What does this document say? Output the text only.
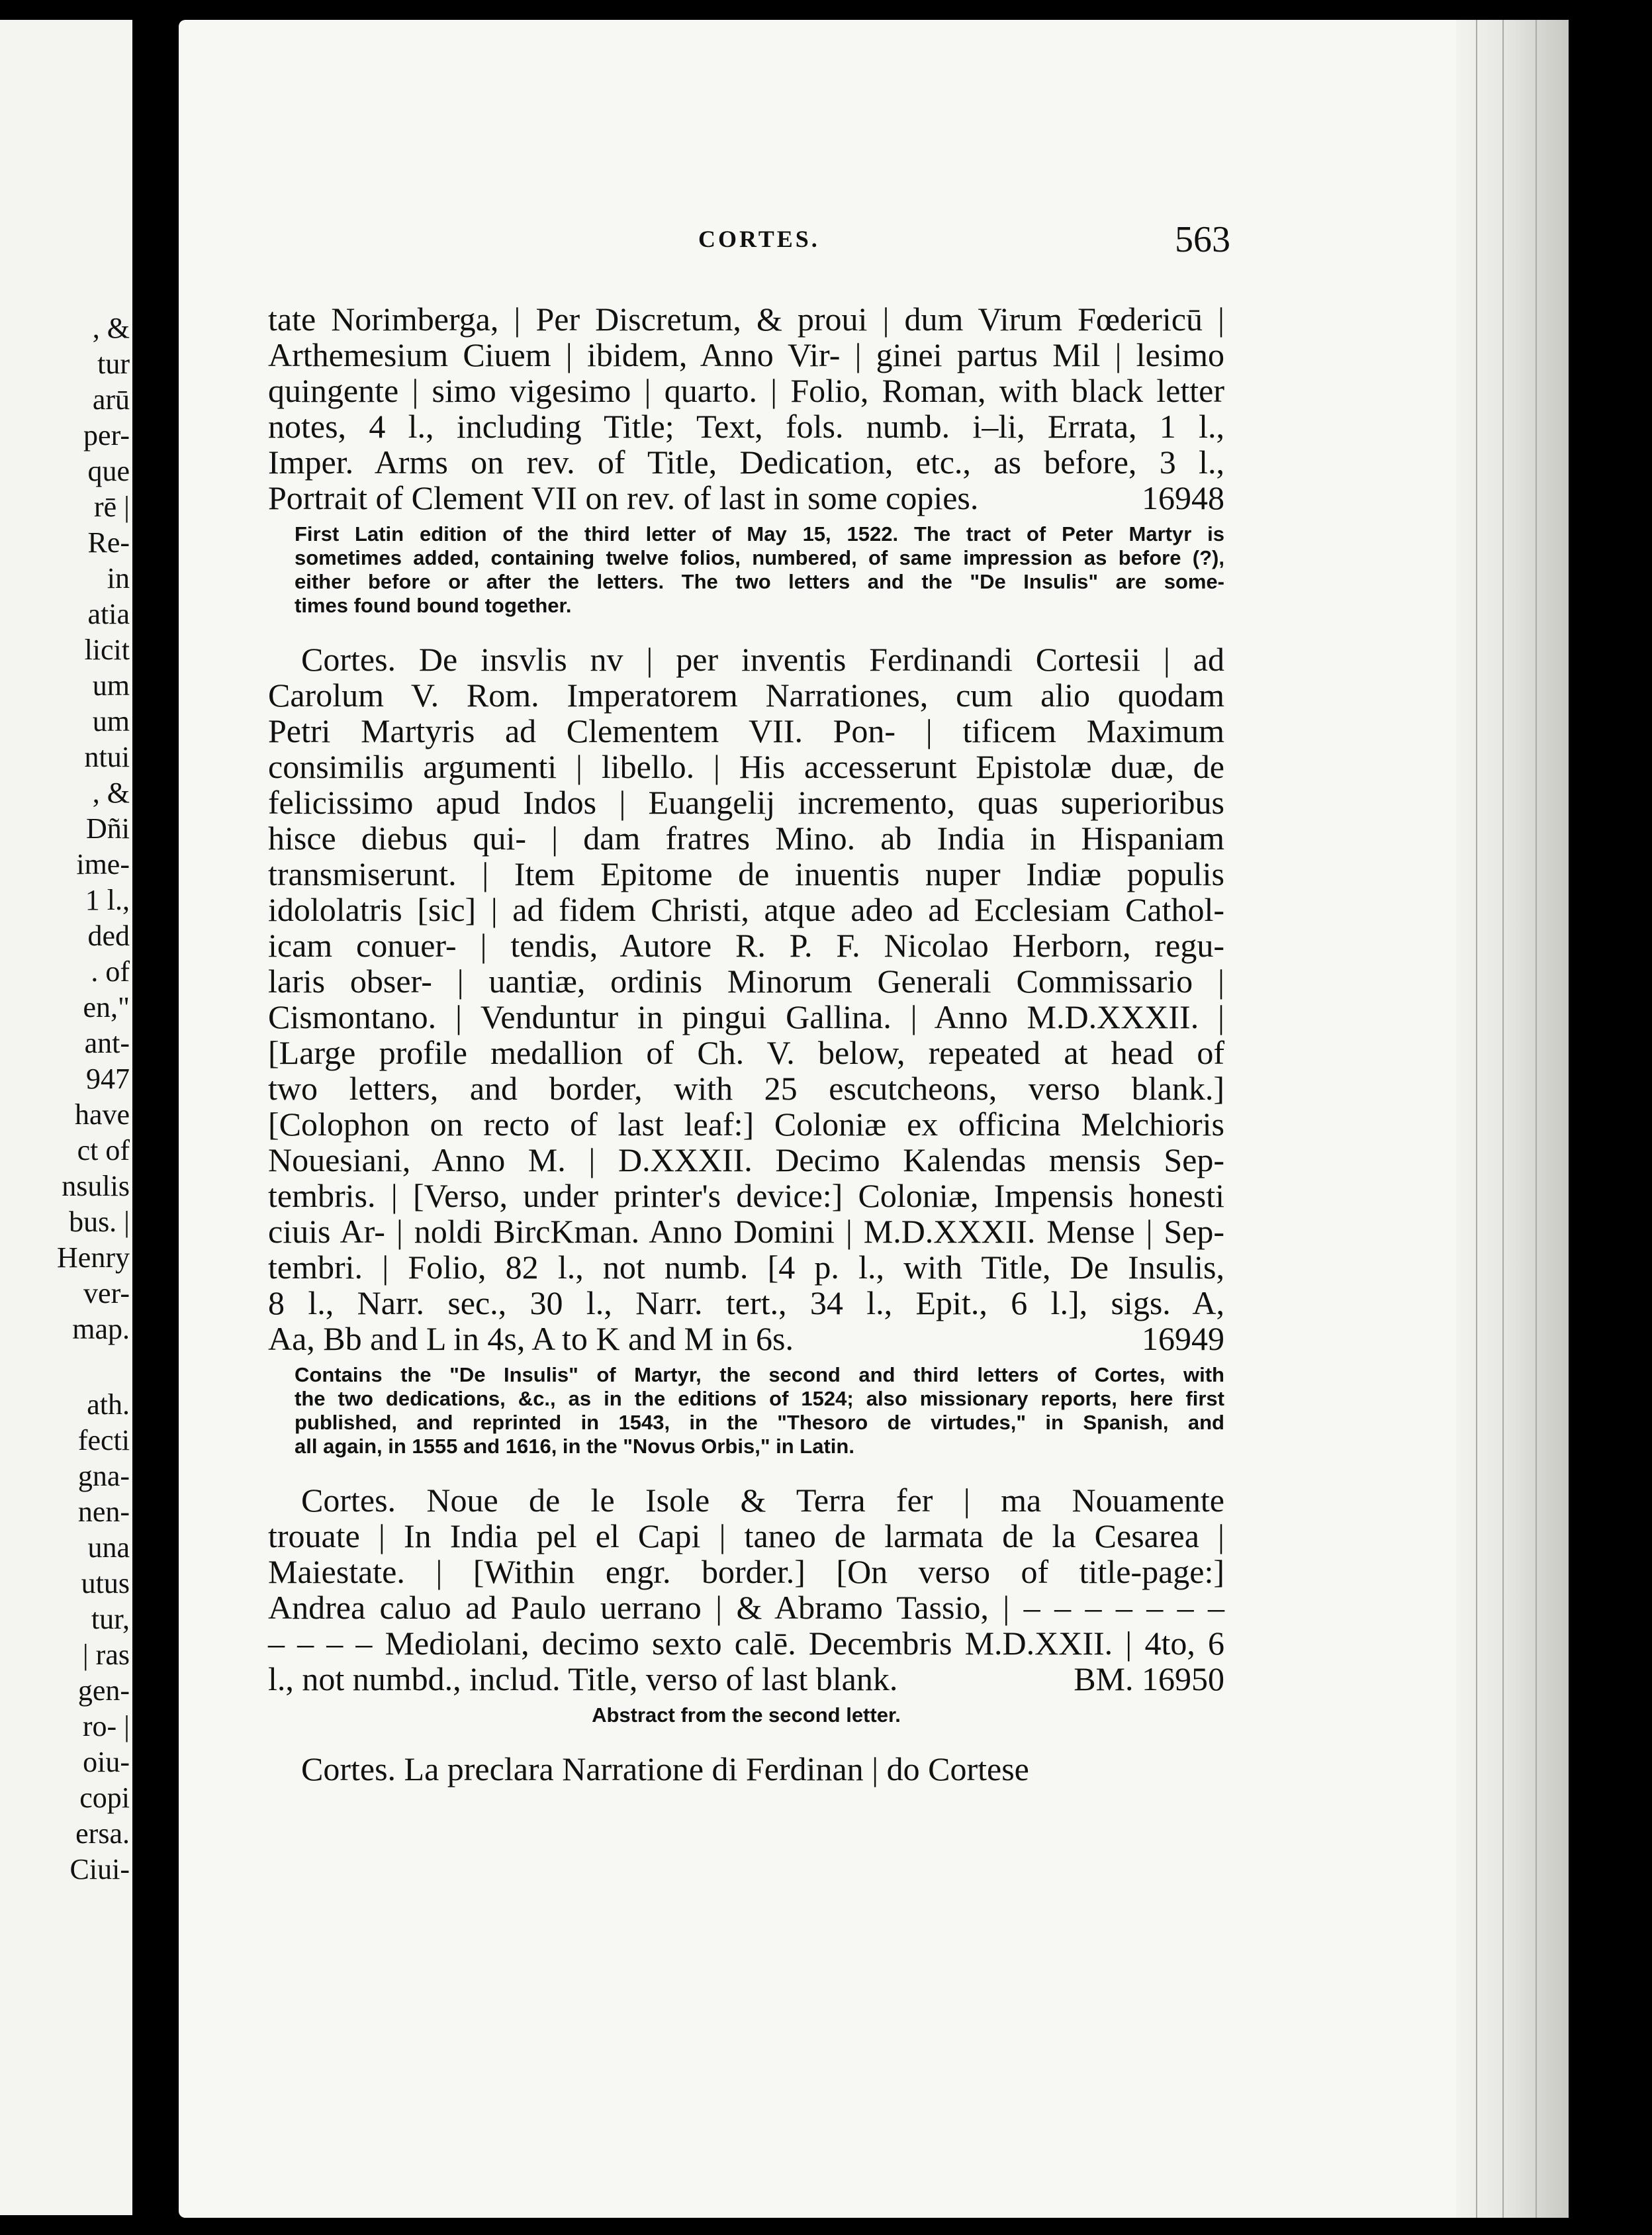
, &
tur
arū
per-
que
rē |
Re-
in
atia
licit
um
um
ntui
, &
Dñi
ime-
1 l.,
ded
. of
en,"
ant-
947
have
ct of
nsulis
bus. |
Henry
ver-
map.
ath.
fecti
gna-
nen-
una
utus
tur,
| ras
gen-
ro- |
oiu-
copi
ersa.
Ciui-
CORTES.	563
tate Norimberga, | Per Discretum, & proui | dum Virum Fœdericū |
Arthemesium Ciuem | ibidem, Anno Vir- | ginei partus Mil | lesimo
quingente | simo vigesimo | quarto. | Folio, Roman, with black letter
notes, 4 l., including Title; Text, fols. numb. i–li, Errata, 1 l.,
Imper. Arms on rev. of Title, Dedication, etc., as before, 3 l.,
Portrait of Clement VII on rev. of last in some copies.	16948
First Latin edition of the third letter of May 15, 1522. The tract of Peter Martyr is
sometimes added, containing twelve folios, numbered, of same impression as before (?),
either before or after the letters. The two letters and the "De Insulis" are some-
times found bound together.
Cortes. De insvlis nv | per inventis Ferdinandi Cortesii | ad
Carolum V. Rom. Imperatorem Narrationes, cum alio quodam
Petri Martyris ad Clementem VII. Pon- | tificem Maximum
consimilis argumenti | libello. | His accesserunt Epistolæ duæ, de
felicissimo apud Indos | Euangelij incremento, quas superioribus
hisce diebus qui- | dam fratres Mino. ab India in Hispaniam
transmiserunt. | Item Epitome de inuentis nuper Indiæ populis
idololatris [sic] | ad fidem Christi, atque adeo ad Ecclesiam Cathol-
icam conuer- | tendis, Autore R. P. F. Nicolao Herborn, regu-
laris obser- | uantiæ, ordinis Minorum Generali Commissario |
Cismontano. | Venduntur in pingui Gallina. | Anno M.D.XXXII. |
[Large profile medallion of Ch. V. below, repeated at head of
two letters, and border, with 25 escutcheons, verso blank.]
[Colophon on recto of last leaf:] Coloniæ ex officina Melchioris
Nouesiani, Anno M. | D.XXXII. Decimo Kalendas mensis Sep-
tembris. | [Verso, under printer's device:] Coloniæ, Impensis honesti
ciuis Ar- | noldi BircKman. Anno Domini | M.D.XXXII. Mense | Sep-
tembri. | Folio, 82 l., not numb. [4 p. l., with Title, De Insulis,
8 l., Narr. sec., 30 l., Narr. tert., 34 l., Epit., 6 l.], sigs. A,
Aa, Bb and L in 4s, A to K and M in 6s.	16949
Contains the "De Insulis" of Martyr, the second and third letters of Cortes, with
the two dedications, &c., as in the editions of 1524; also missionary reports, here first
published, and reprinted in 1543, in the "Thesoro de virtudes," in Spanish, and
all again, in 1555 and 1616, in the "Novus Orbis," in Latin.
Cortes. Noue de le Isole & Terra fer | ma Nouamente
trouate | In India pel el Capi | taneo de larmata de la Cesarea |
Maiestate. | [Within engr. border.] [On verso of title-page:]
Andrea caluo ad Paulo uerrano | & Abramo Tassio, | – – – – – – –
– – – – Mediolani, decimo sexto calē. Decembris M.D.XXII. | 4to, 6
l., not numbd., includ. Title, verso of last blank.	BM. 16950
Abstract from the second letter.
Cortes. La preclara Narratione di Ferdinan | do Cortese
